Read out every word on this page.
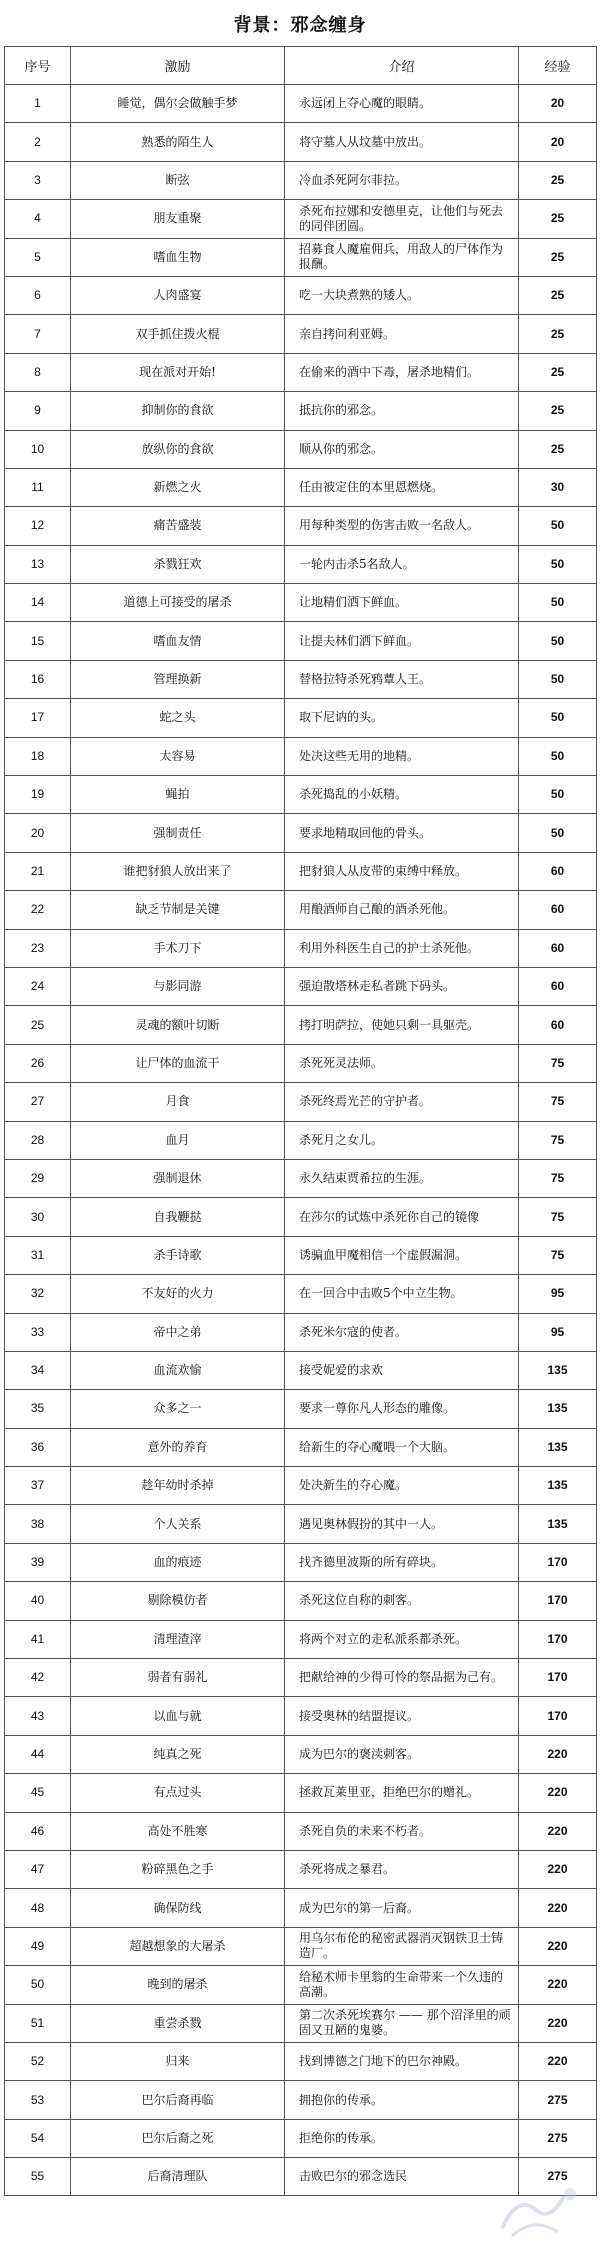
背景：邪念缠身
序号	激励	介绍	经验
1	睡觉，偶尔会做触手梦	永远闭上夺心魔的眼睛。	20
2	熟悉的陌生人	将守墓人从坟墓中放出。	20
3	断弦	冷血杀死阿尔菲拉。	25
4	朋友重聚	杀死布拉娜和安德里克，让他们与死去的同伴团圆。	25
5	嗜血生物	招募食人魔雇佣兵，用敌人的尸体作为报酬。	25
6	人肉盛宴	吃一大块煮熟的矮人。	25
7	双手抓住拨火棍	亲自拷问利亚姆。	25
8	现在派对开始!	在偷来的酒中下毒，屠杀地精们。	25
9	抑制你的食欲	抵抗你的邪念。	25
10	放纵你的食欲	顺从你的邪念。	25
11	新燃之火	任由被定住的本里恩燃烧。	30
12	痛苦盛装	用每种类型的伤害击败一名敌人。	50
13	杀戮狂欢	一轮内击杀5名敌人。	50
14	道德上可接受的屠杀	让地精们洒下鲜血。	50
15	嗜血友情	让提夫林们洒下鲜血。	50
16	管理换新	替格拉特杀死鸦蕈人王。	50
17	蛇之头	取下尼讷的头。	50
18	太容易	处决这些无用的地精。	50
19	蝇拍	杀死捣乱的小妖精。	50
20	强制责任	要求地精取回他的骨头。	50
21	谁把豺狼人放出来了	把豺狼人从皮带的束缚中释放。	60
22	缺乏节制是关键	用酿酒师自己酿的酒杀死他。	60
23	手术刀下	利用外科医生自己的护士杀死他。	60
24	与影同游	强迫散塔林走私者跳下码头。	60
25	灵魂的额叶切断	拷打明萨拉，使她只剩一具躯壳。	60
26	让尸体的血流干	杀死死灵法师。	75
27	月食	杀死终焉光芒的守护者。	75
28	血月	杀死月之女儿。	75
29	强制退休	永久结束贾希拉的生涯。	75
30	自我鞭挞	在莎尔的试炼中杀死你自己的镜像	75
31	杀手诗歌	诱骗血甲魔相信一个虚假漏洞。	75
32	不友好的火力	在一回合中击败5个中立生物。	95
33	帝中之弟	杀死米尔寇的使者。	95
34	血流欢愉	接受妮爱的求欢	135
35	众多之一	要求一尊你凡人形态的雕像。	135
36	意外的养育	给新生的夺心魔喂一个大脑。	135
37	趁年幼时杀掉	处决新生的夺心魔。	135
38	个人关系	遇见奥林假扮的其中一人。	135
39	血的痕迹	找齐德里波斯的所有碎块。	170
40	剔除模仿者	杀死这位自称的刺客。	170
41	清理渣滓	将两个对立的走私派系都杀死。	170
42	弱者有弱礼	把献给神的少得可怜的祭品据为己有。	170
43	以血与就	接受奥林的结盟提议。	170
44	纯真之死	成为巴尔的褒渎刺客。	220
45	有点过头	拯救瓦莱里亚，拒绝巴尔的赠礼。	220
46	高处不胜寒	杀死自负的未来不朽者。	220
47	粉碎黑色之手	杀死将成之暴君。	220
48	确保防线	成为巴尔的第一后裔。	220
49	超越想象的大屠杀	用乌尔布伦的秘密武器消灭钢铁卫士铸造厂。	220
50	晚到的屠杀	给秘术师卡里翁的生命带来一个久违的高潮。	220
51	重尝杀戮	第二次杀死埃赛尔 —— 那个沼泽里的顽固又丑陋的鬼婆。	220
52	归来	找到博德之门地下的巴尔神殿。	220
53	巴尔后裔再临	拥抱你的传承。	275
54	巴尔后裔之死	拒绝你的传承。	275
55	后裔清理队	击败巴尔的邪念选民	275
